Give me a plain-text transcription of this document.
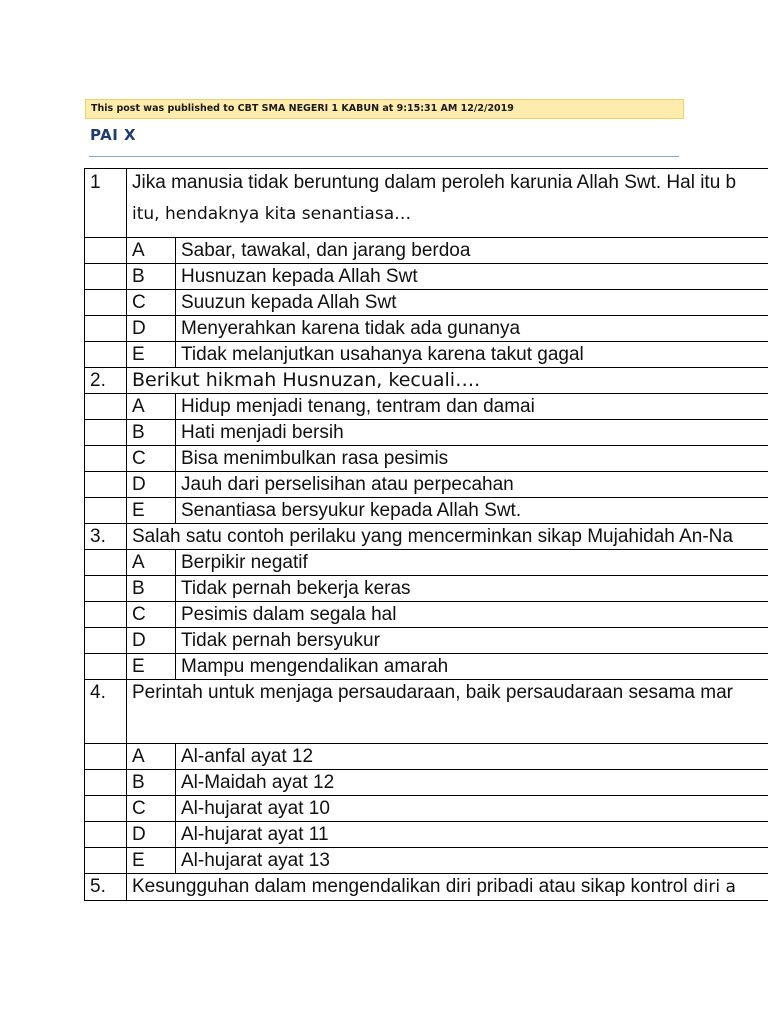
This post was published to CBT SMA NEGERI 1 KABUN at 9:15:31 AM 12/2/2019
PAI X
1	Jika manusia tidak beruntung dalam peroleh karunia Allah Swt. Hal itu b
itu, hendaknya kita senantiasa…	

	A	Sabar, tawakal, dan jarang berdoa
	B	Husnuzan kepada Allah Swt
	C	Suuzun kepada Allah Swt
	D	Menyerahkan karena tidak ada gunanya
	E	Tidak melanjutkan usahanya karena takut gagal
2.	Berikut hikmah Husnuzan, kecuali….	
	A	Hidup menjadi tenang, tentram dan damai
	B	Hati menjadi bersih
	C	Bisa menimbulkan rasa pesimis
	D	Jauh dari perselisihan atau perpecahan
	E	Senantiasa bersyukur kepada Allah Swt.
3.	Salah satu contoh perilaku yang mencerminkan sikap Mujahidah An-Na	
	A	Berpikir negatif
	B	Tidak pernah bekerja keras
	C	Pesimis dalam segala hal
	D	Tidak pernah bersyukur
	E	Mampu mengendalikan amarah
4.	Perintah untuk menjaga persaudaraan, baik persaudaraan sesama mar	
	A	Al-anfal ayat 12
	B	Al-Maidah ayat 12
	C	Al-hujarat ayat 10
	D	Al-hujarat ayat 11
	E	Al-hujarat ayat 13
5.	Kesungguhan dalam mengendalikan diri pribadi atau sikap kontrol diri a	
